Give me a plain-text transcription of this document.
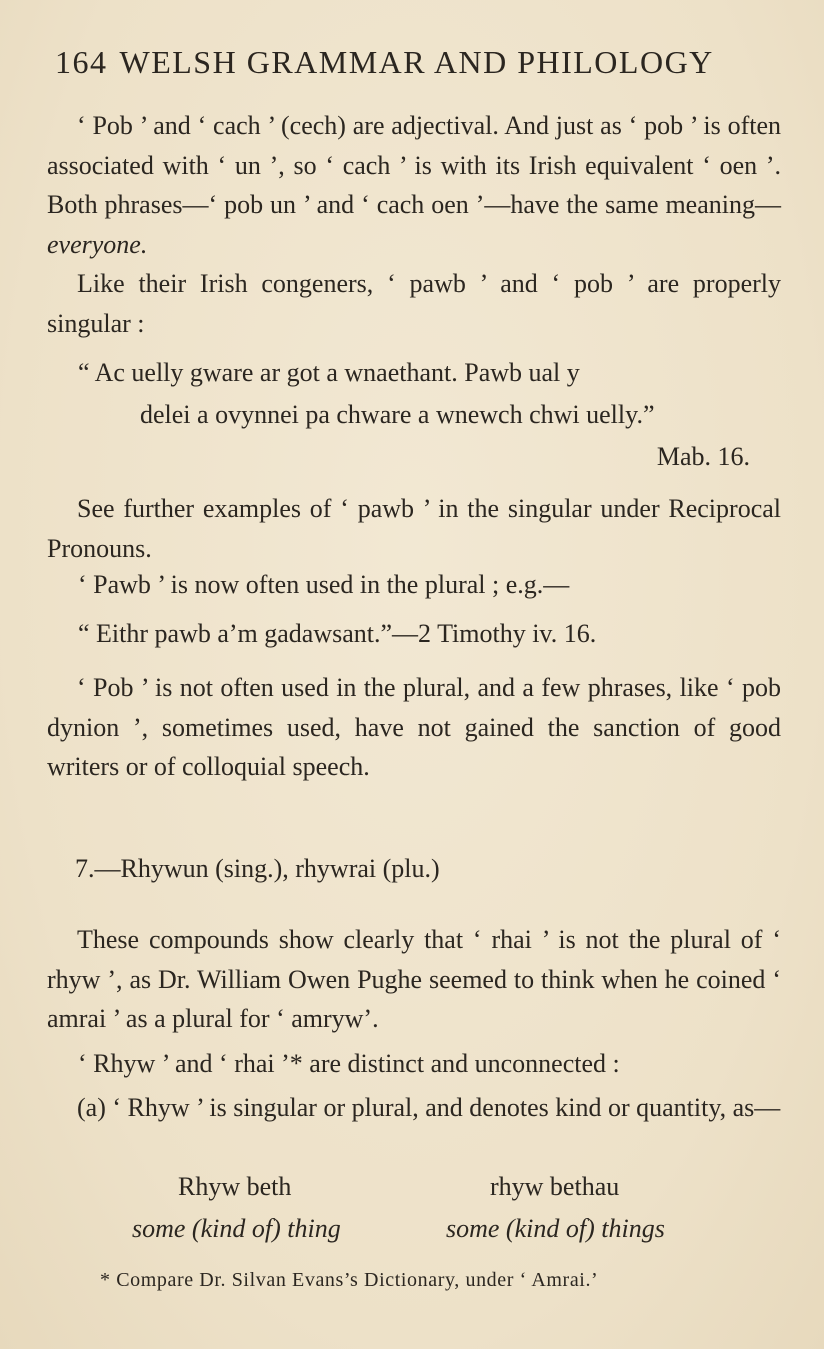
164 WELSH GRAMMAR AND PHILOLOGY

‘ Pob ’ and ‘ cach ’ (cech) are adjectival. And just as ‘ pob ’ is often associated with ‘ un ’, so ‘ cach ’ is with its Irish equivalent ‘ oen ’. Both phrases—‘ pob un ’ and ‘ cach oen ’—have the same meaning—everyone.

Like their Irish congeners, ‘ pawb ’ and ‘ pob ’ are properly singular :

“ Ac uelly gware ar got a wnaethant. Pawb ual y
delei a ovynnei pa chware a wnewch chwi uelly.”
Mab. 16.

See further examples of ‘ pawb ’ in the singular under Reciprocal Pronouns.

‘ Pawb ’ is now often used in the plural ; e.g.—
“ Eithr pawb a’m gadawsant.”—2 Timothy iv. 16.

‘ Pob ’ is not often used in the plural, and a few phrases, like ‘ pob dynion ’, sometimes used, have not gained the sanction of good writers or of colloquial speech.

7.—Rhywun (sing.), rhywrai (plu.)

These compounds show clearly that ‘ rhai ’ is not the plural of ‘ rhyw ’, as Dr. William Owen Pughe seemed to think when he coined ‘ amrai ’ as a plural for ‘ amryw’.

‘ Rhyw ’ and ‘ rhai ’* are distinct and unconnected :

(a) ‘ Rhyw ’ is singular or plural, and denotes kind or quantity, as—

Rhyw beth	rhyw bethau
some (kind of) thing	some (kind of) things
* Compare Dr. Silvan Evans’s Dictionary, under ‘ Amrai.’
